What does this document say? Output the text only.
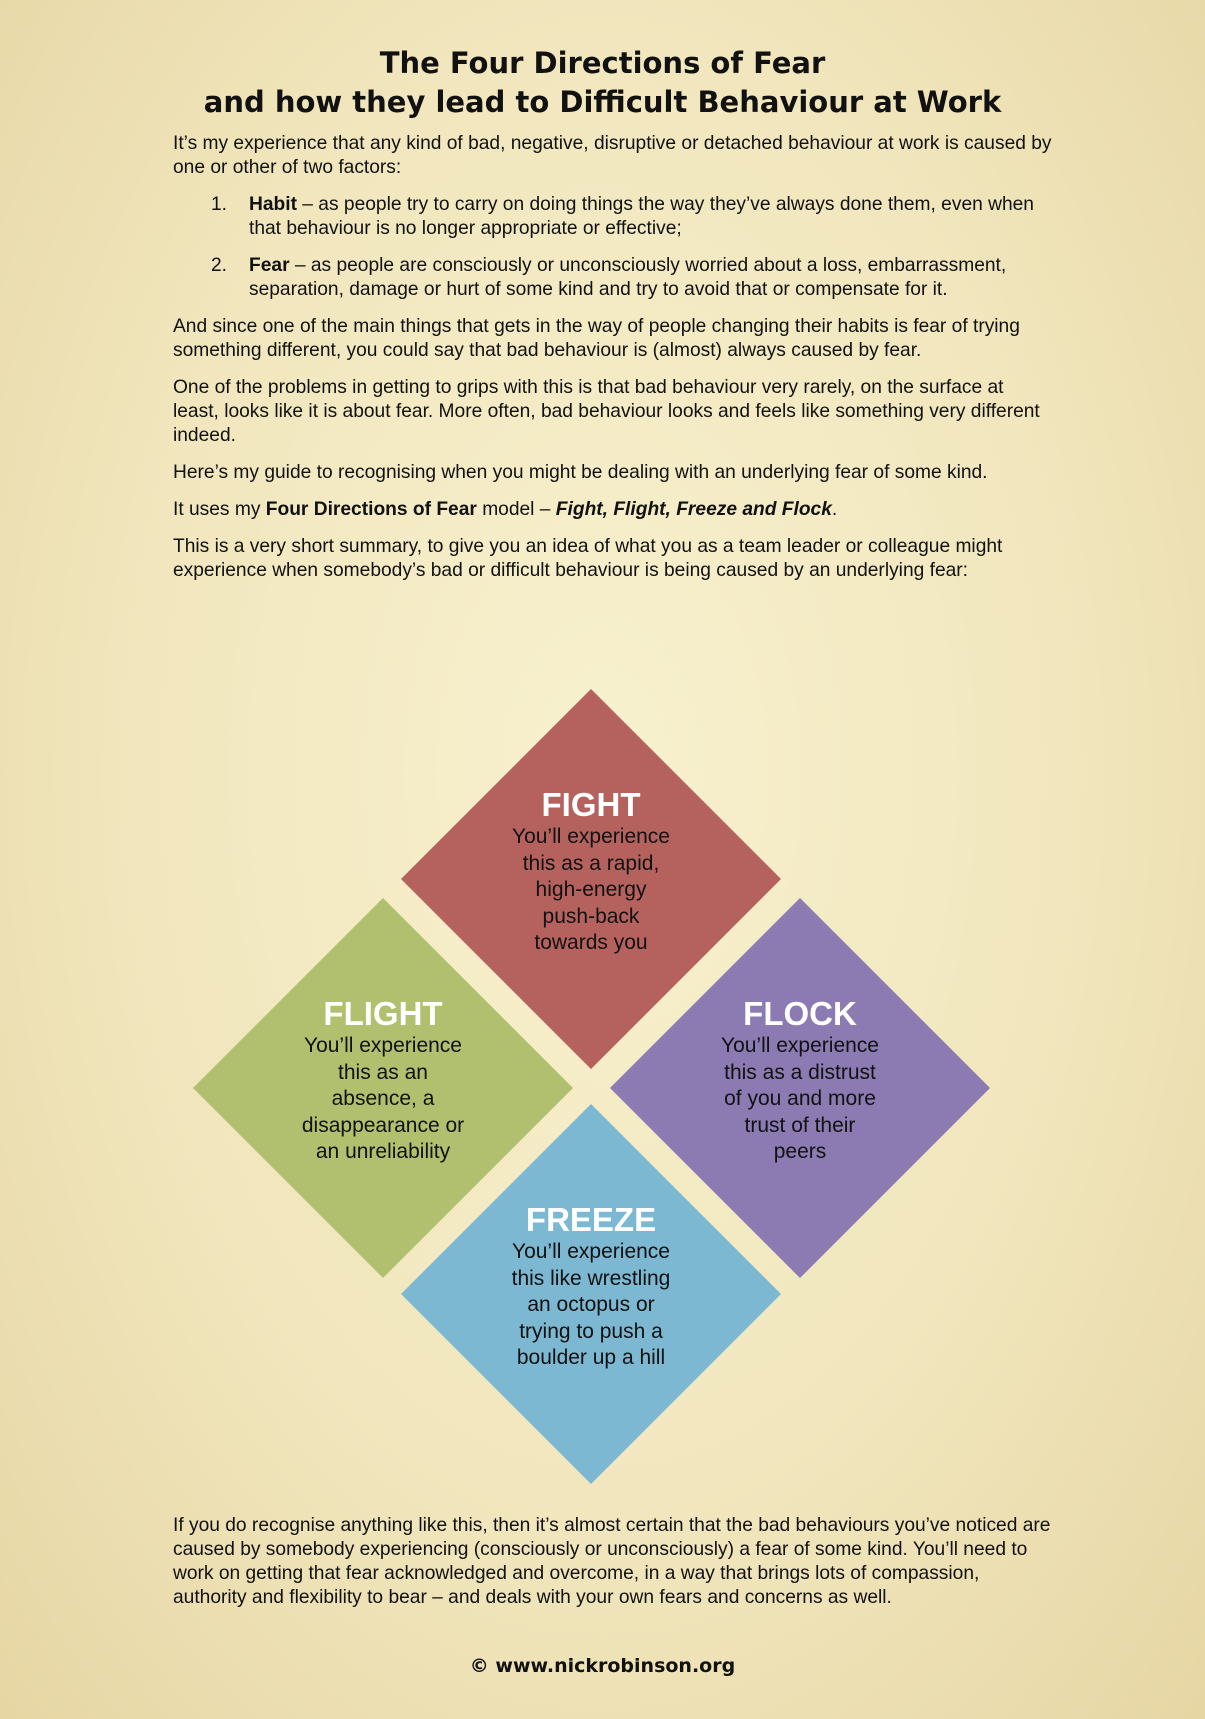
The Four Directions of Fear
and how they lead to Difficult Behaviour at Work

It’s my experience that any kind of bad, negative, disruptive or detached behaviour at work is caused by one or other of two factors:

1. Habit – as people try to carry on doing things the way they’ve always done them, even when that behaviour is no longer appropriate or effective;
2. Fear – as people are consciously or unconsciously worried about a loss, embarrassment, separation, damage or hurt of some kind and try to avoid that or compensate for it.

And since one of the main things that gets in the way of people changing their habits is fear of trying something different, you could say that bad behaviour is (almost) always caused by fear.

One of the problems in getting to grips with this is that bad behaviour very rarely, on the surface at least, looks like it is about fear. More often, bad behaviour looks and feels like something very different indeed.

Here’s my guide to recognising when you might be dealing with an underlying fear of some kind.

It uses my Four Directions of Fear model – Fight, Flight, Freeze and Flock.

This is a very short summary, to give you an idea of what you as a team leader or colleague might experience when somebody’s bad or difficult behaviour is being caused by an underlying fear:

FIGHT
You’ll experience
this as a rapid,
high-energy
push-back
towards you
FLIGHT
You’ll experience
this as an
absence, a
disappearance or
an unreliability
FLOCK
You’ll experience
this as a distrust
of you and more
trust of their
peers
FREEZE
You’ll experience
this like wrestling
an octopus or
trying to push a
boulder up a hill

If you do recognise anything like this, then it’s almost certain that the bad behaviours you’ve noticed are caused by somebody experiencing (consciously or unconsciously) a fear of some kind. You’ll need to work on getting that fear acknowledged and overcome, in a way that brings lots of compassion, authority and flexibility to bear – and deals with your own fears and concerns as well.

© www.nickrobinson.org
